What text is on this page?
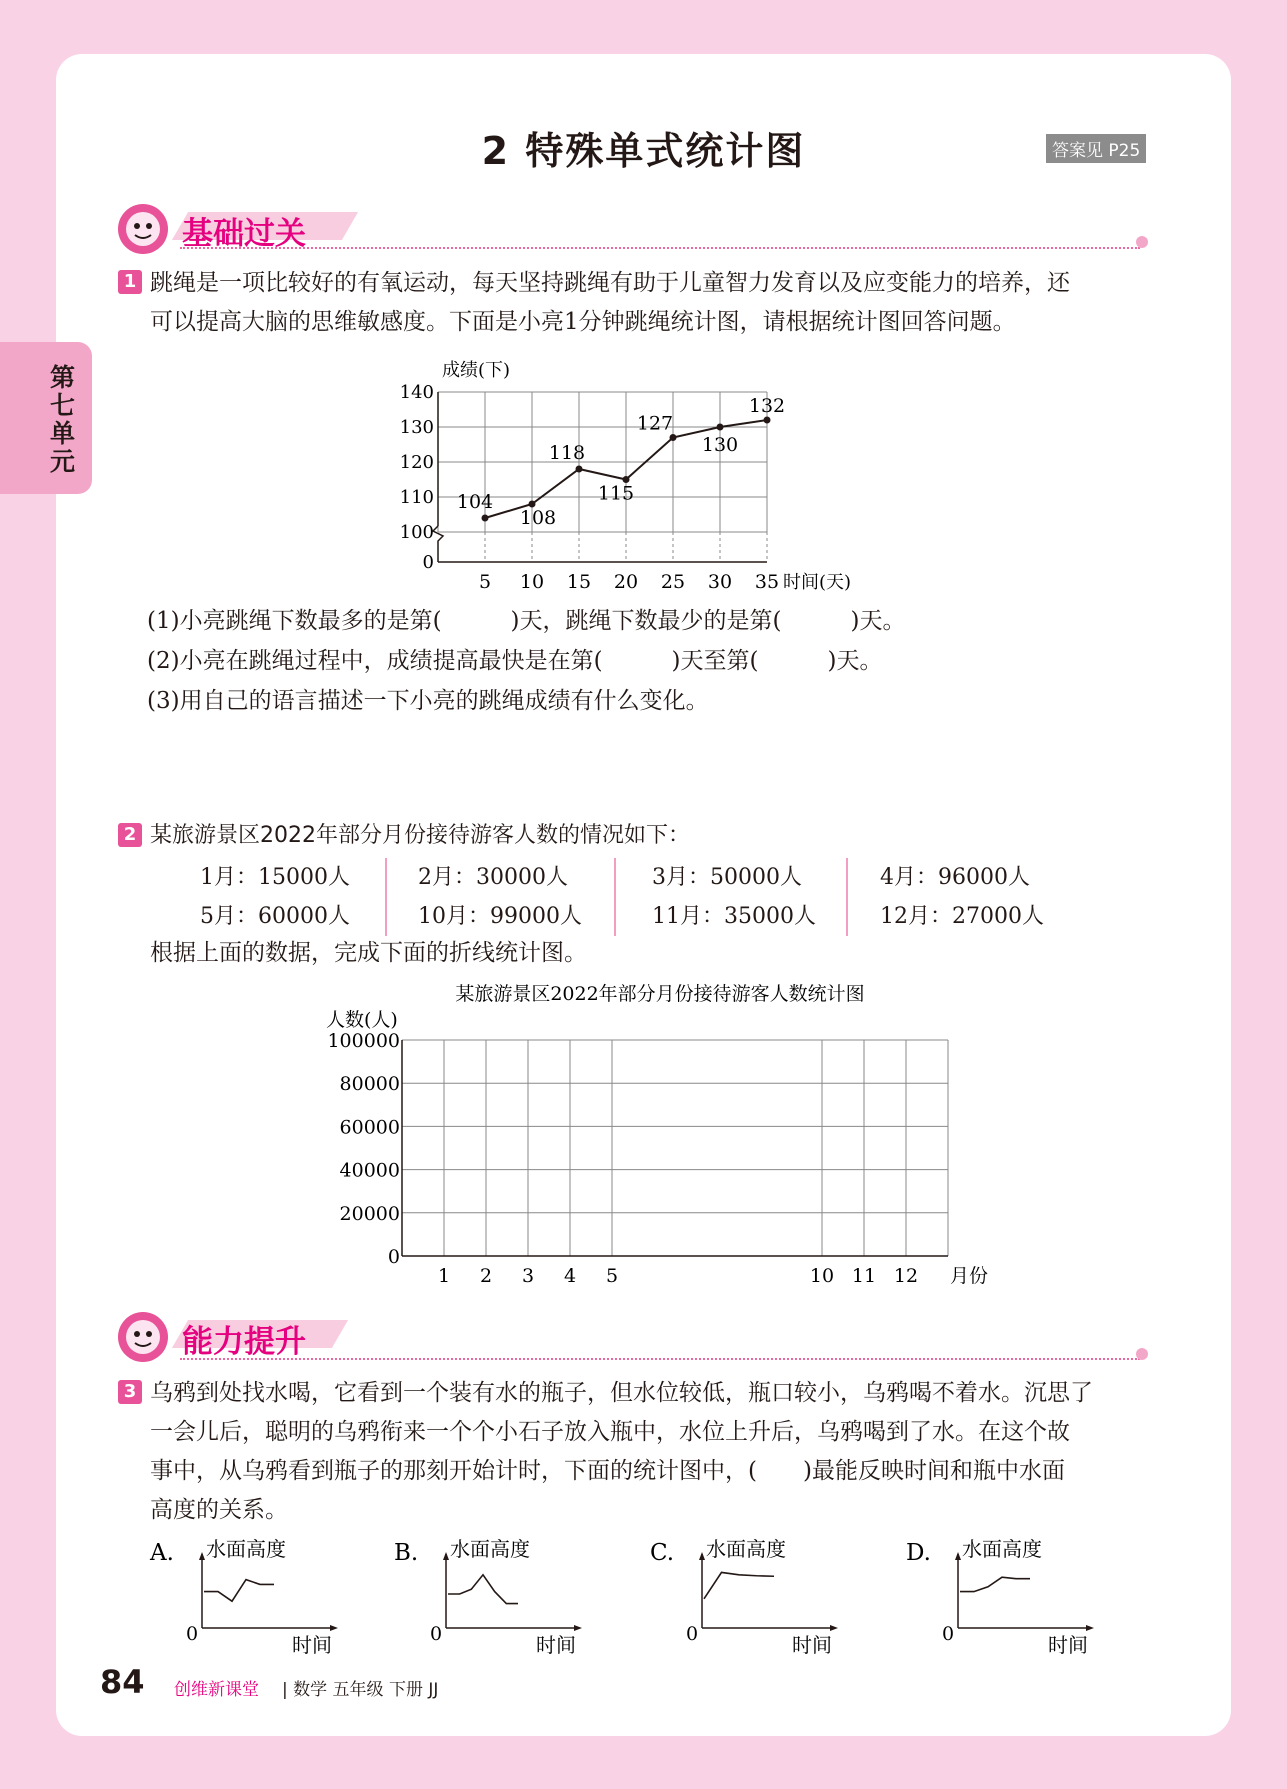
2 特殊单式统计图	答案见 P25
第七单元
基础过关
1 跳绳是一项比较好的有氧运动，每天坚持跳绳有助于儿童智力发育以及应变能力的培养，还
可以提高大脑的思维敏感度。下面是小亮1分钟跳绳统计图，请根据统计图回答问题。
成绩(下)
0
100
110
120
130
140
5 10 15 20 25 30 35 时间(天)
104
108
118
115
127
130
132
(1)小亮跳绳下数最多的是第(　　　)天，跳绳下数最少的是第(　　　)天。
(2)小亮在跳绳过程中，成绩提高最快是在第(　　　)天至第(　　　)天。
(3)用自己的语言描述一下小亮的跳绳成绩有什么变化。
2 某旅游景区2022年部分月份接待游客人数的情况如下：
1月：15000人	2月：30000人	3月：50000人	4月：96000人
5月：60000人	10月：99000人	11月：35000人	12月：27000人
根据上面的数据，完成下面的折线统计图。
某旅游景区2022年部分月份接待游客人数统计图
人数(人)
0
20000
40000
60000
80000
100000
1 2 3 4 5	10 11 12 月份
能力提升
3 乌鸦到处找水喝，它看到一个装有水的瓶子，但水位较低，瓶口较小，乌鸦喝不着水。沉思了
一会儿后，聪明的乌鸦衔来一个个小石子放入瓶中，水位上升后，乌鸦喝到了水。在这个故
事中，从乌鸦看到瓶子的那刻开始计时，下面的统计图中，(　　)最能反映时间和瓶中水面
高度的关系。
A. 水面高度
0	时间
B. 水面高度
0	时间
C. 水面高度
0	时间
D. 水面高度
0	时间
84 创维新课堂 | 数学 五年级 下册 JJ
